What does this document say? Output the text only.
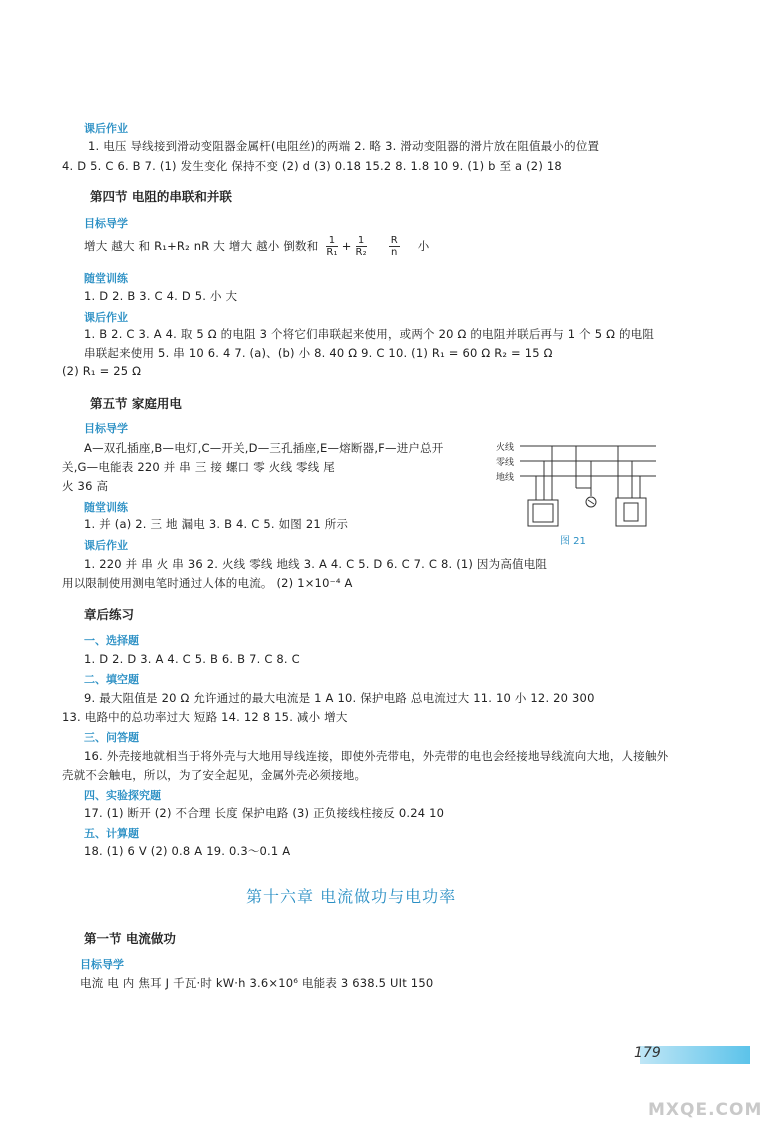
课后作业
1. 电压 导线接到滑动变阻器金属杆(电阻丝)的两端 2. 略 3. 滑动变阻器的滑片放在阻值最小的位置
4. D 5. C 6. B 7. (1) 发生变化 保持不变 (2) d (3) 0.18 15.2 8. 1.8 10 9. (1) b 至 a (2) 18
第四节 电阻的串联和并联
目标导学
增大 越大 和 R₁+R₂ nR 大 增大 越小 倒数和 $\frac{1}{\text{R₁}} + \frac{1}{\text{R₂}}$
$\frac{R}{n}$ 小
随堂训练
1. D 2. B 3. C 4. D 5. 小 大
课后作业
1. B 2. C 3. A 4. 取 5 Ω 的电阻 3 个将它们串联起来使用，或两个 20 Ω 的电阻并联后再与 1 个 5 Ω 的电阻
串联起来使用 5. 串 10 6. 4 7. (a)、(b) 小 8. 40 Ω 9. C 10. (1) R₁ = 60 Ω R₂ = 15 Ω
(2) R₁ = 25 Ω
第五节 家庭用电
目标导学
A—双孔插座,B—电灯,C—开关,D—三孔插座,E—熔断器,F—进户总开
关,G—电能表 220 并 串 三 接 螺口 零 火线 零线 尾
火 36 高
随堂训练
1. 并 (a) 2. 三 地 漏电 3. B 4. C 5. 如图 21 所示
课后作业
1. 220 并 串 火 串 36 2. 火线 零线 地线 3. A 4. C 5. D 6. C 7. C 8. (1) 因为高值电阻
用以限制使用测电笔时通过人体的电流。 (2) 1×10⁻⁴ A
火线
零线
地线
图 21
章后练习
一、选择题
1. D 2. D 3. A 4. C 5. B 6. B 7. C 8. C
二、填空题
9. 最大阻值是 20 Ω 允许通过的最大电流是 1 A 10. 保护电路 总电流过大 11. 10 小 12. 20 300
13. 电路中的总功率过大 短路 14. 12 8 15. 减小 增大
三、问答题
16. 外壳接地就相当于将外壳与大地用导线连接，即使外壳带电，外壳带的电也会经接地导线流向大地，人接触外
壳就不会触电，所以，为了安全起见，金属外壳必须接地。
四、实验探究题
17. (1) 断开 (2) 不合理 长度 保护电路 (3) 正负接线柱接反 0.24 10
五、计算题
18. (1) 6 V (2) 0.8 A 19. 0.3～0.1 A
第十六章 电流做功与电功率
第一节 电流做功
目标导学
电流 电 内 焦耳 J 千瓦·时 kW·h 3.6×10⁶ 电能表 3 638.5 UIt 150
179
MXQE.COM
